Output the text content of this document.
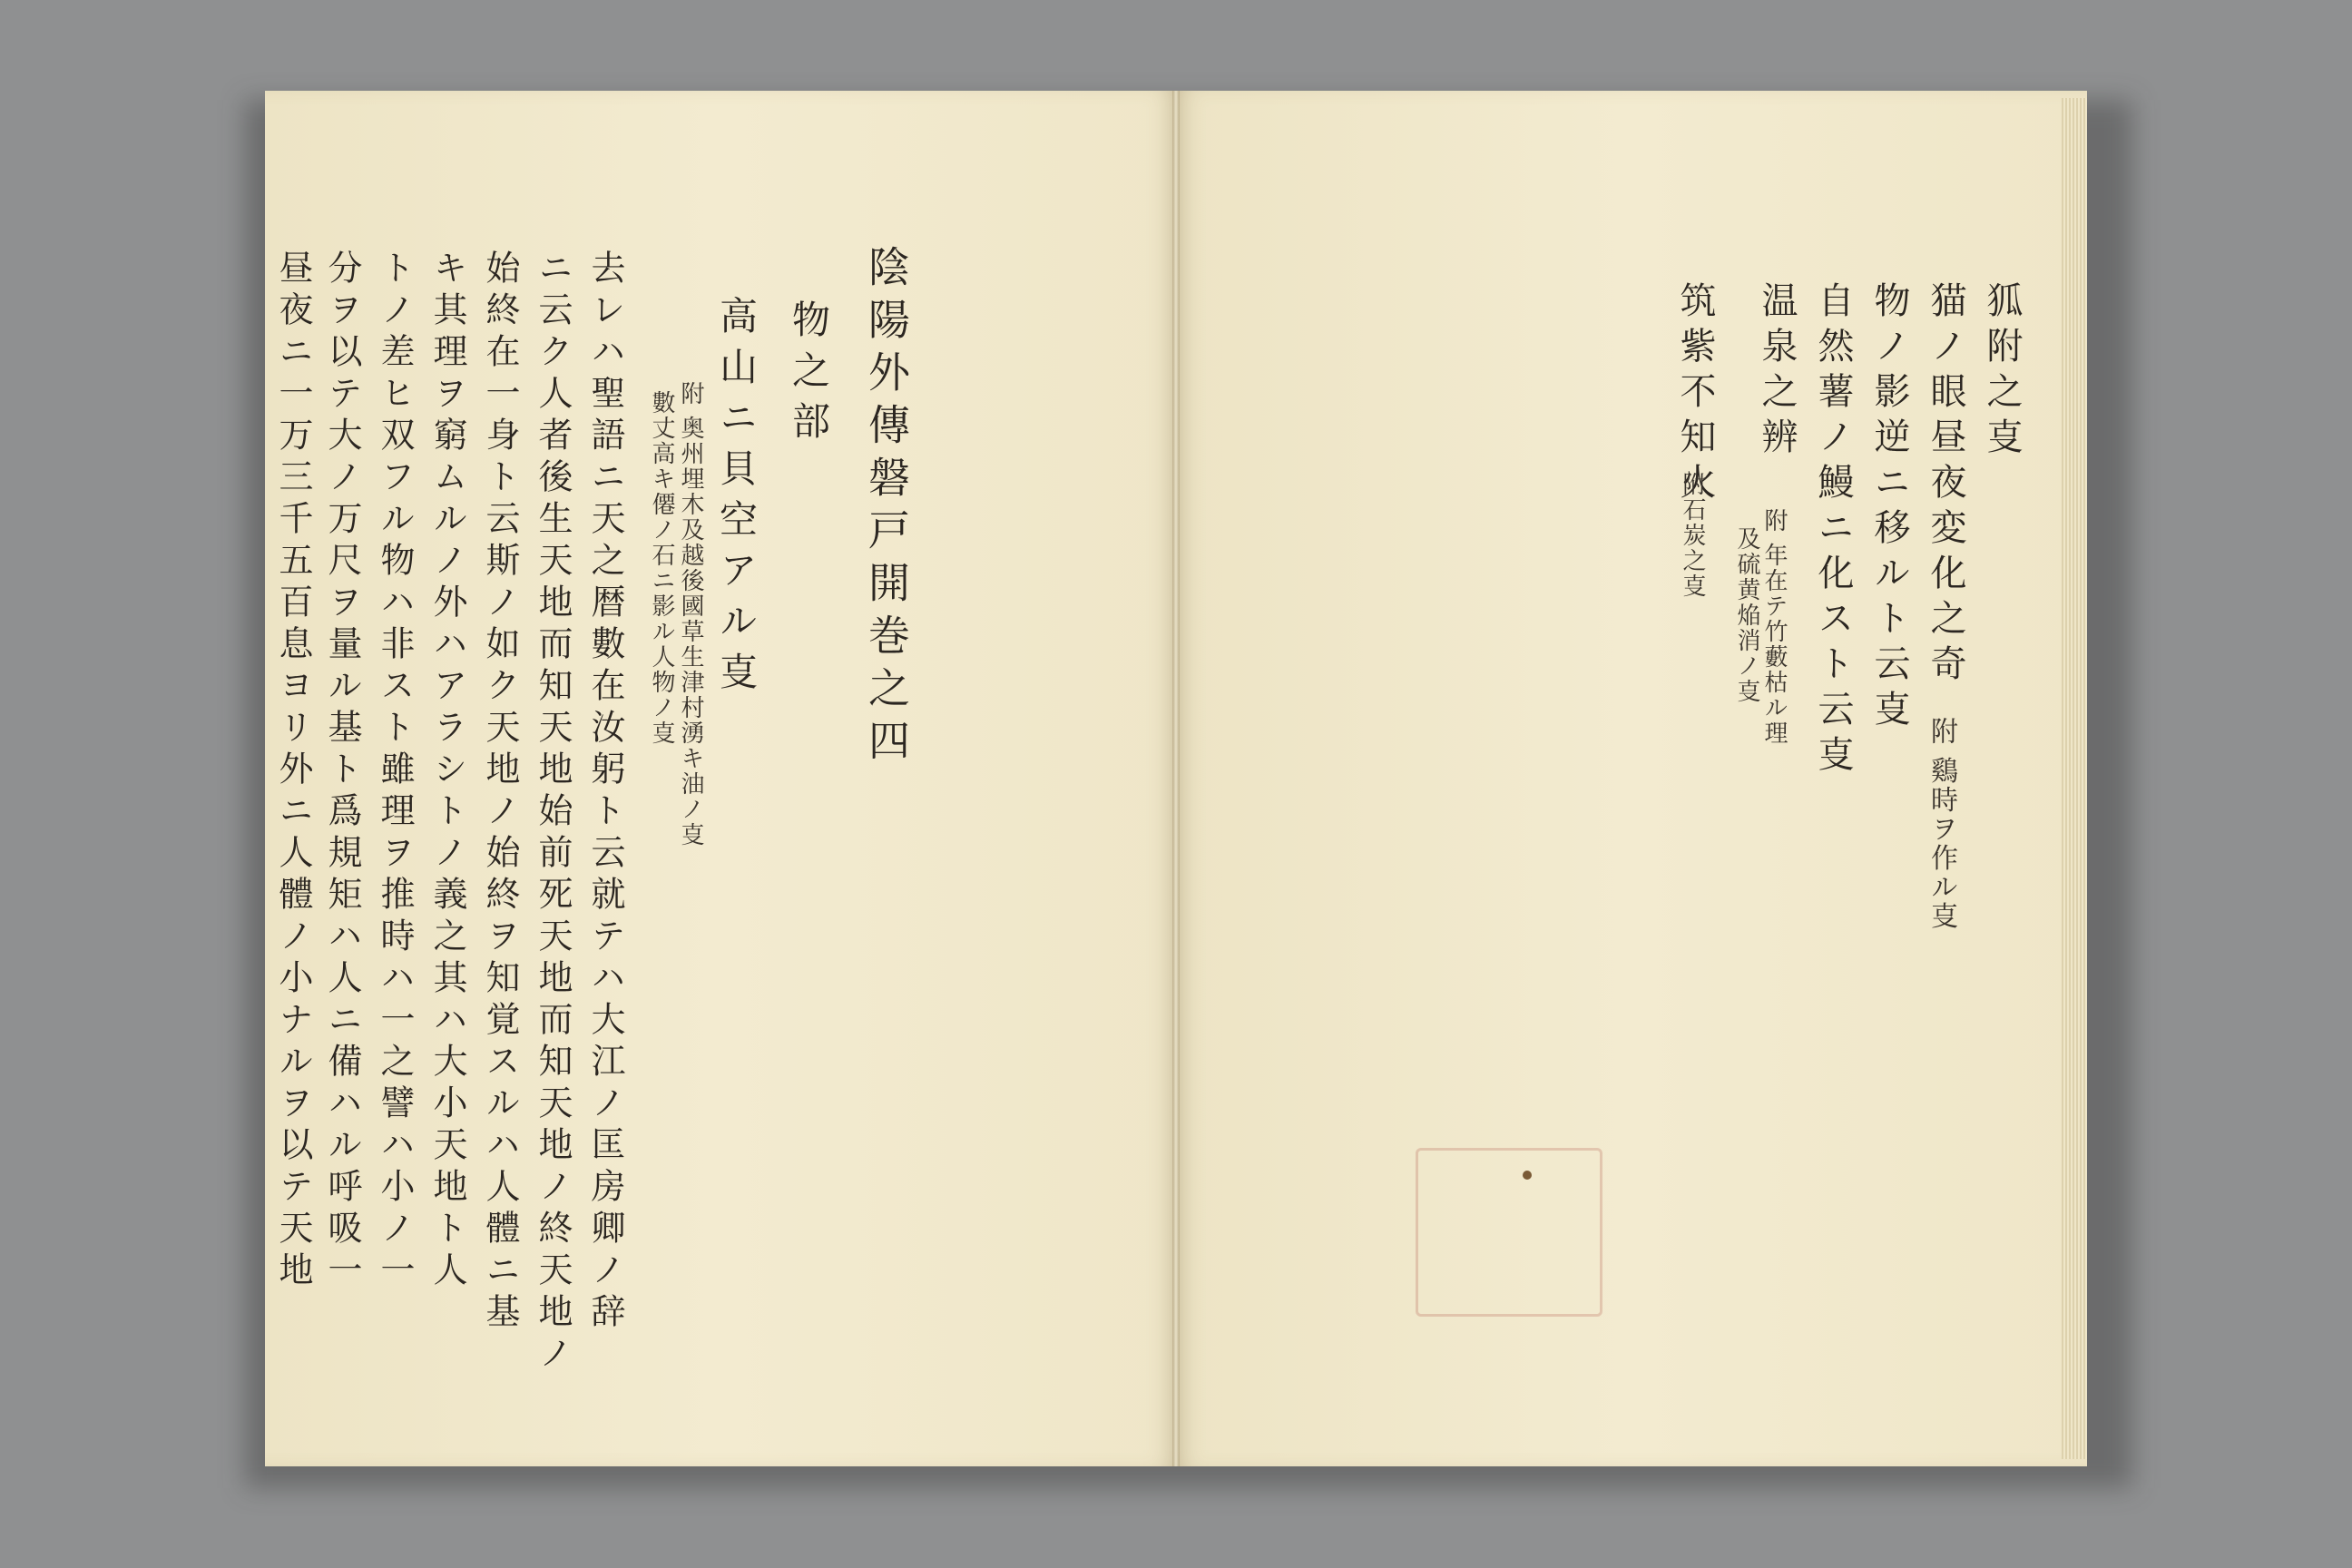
陰陽外傳磐戸開巻之四
物之部
高山ニ貝空アル㕝
附 奥州埋木及越後國草生津村湧キ油ノ㕝
數丈高キ僊ノ石ニ影ル人物ノ㕝
去レハ聖語ニ天之暦數在汝躬ト云就テハ大江ノ匡房卿ノ辞
ニ云ク人者後生天地而知天地始前死天地而知天地ノ終天地ノ
始終在一身ト云斯ノ如ク天地ノ始終ヲ知覚スルハ人體ニ基
キ其理ヲ窮ムルノ外ハアラシトノ義之其ハ大小天地ト人
トノ差ヒ双フル物ハ非スト雖理ヲ推時ハ一之譬ハ小ノ一
分ヲ以テ大ノ万尺ヲ量ル基ト爲規矩ハ人ニ備ハル呼吸一
昼夜ニ一万三千五百息ヨリ外ニ人體ノ小ナルヲ以テ天地	狐附之㕝
猫ノ眼昼夜変化之奇
附 鷄時ヲ作ル㕝
物ノ影逆ニ移ルト云㕝
自然薯ノ鰻ニ化スト云㕝
温泉之辨
附 年在テ竹藪枯ル理
及硫黄焔消ノ㕝
筑紫不知火
附石炭之㕝
